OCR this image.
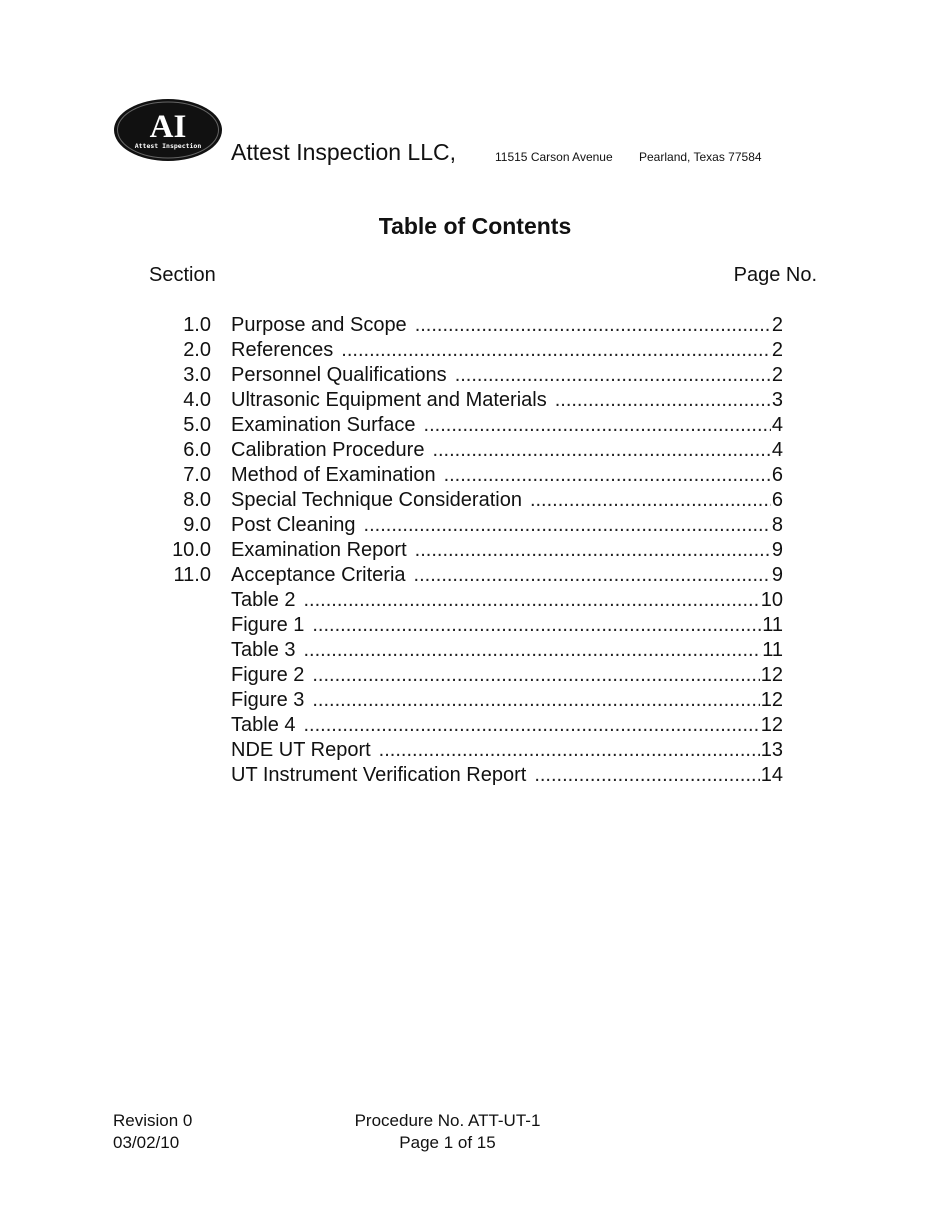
AI
Attest Inspection Attest Inspection LLC,	11515 Carson Avenue Pearland, Texas 77584
Table of Contents
Section	Page No.
1.0 Purpose and Scope .....	2
2.0 References .....	2
3.0 Personnel Qualifications .....	2
4.0 Ultrasonic Equipment and Materials .....	3
5.0 Examination Surface .....	4
6.0 Calibration Procedure .....	4
7.0 Method of Examination .....	6
8.0 Special Technique Consideration .....	6
9.0 Post Cleaning .....	8
10.0 Examination Report .....	9
11.0 Acceptance Criteria .....	9
Table 2 .....	10
Figure 1 .....	11
Table 3 .....	11
Figure 2 .....	12
Figure 3 .....	12
Table 4 .....	12
NDE UT Report .....	13
UT Instrument Verification Report .....	14
Revision 0
03/02/10
Procedure No. ATT-UT-1
Page 1 of 15
